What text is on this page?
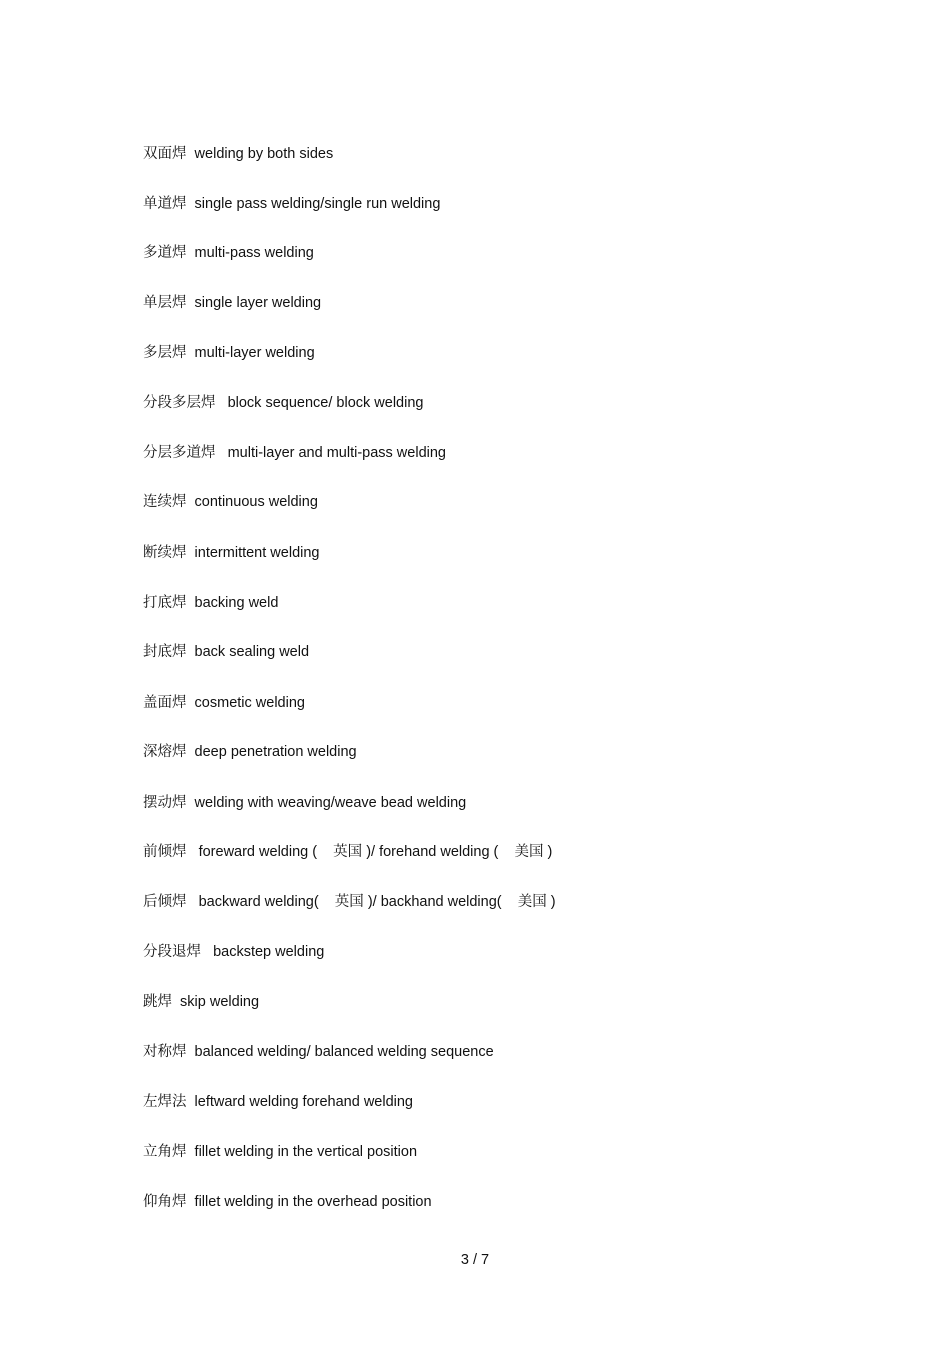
双面焊  welding by both sides
单道焊  single pass welding/single run welding
多道焊  multi-pass welding
单层焊  single layer welding
多层焊  multi-layer welding
分段多层焊   block sequence/ block welding
分层多道焊   multi-layer and multi-pass welding
连续焊  continuous welding
断续焊  intermittent welding
打底焊  backing weld
封底焊  back sealing weld
盖面焊  cosmetic welding
深熔焊  deep penetration welding
摆动焊  welding with weaving/weave bead welding
前倾焊   foreward welding (    英国 )/ forehand welding (    美国 )
后倾焊   backward welding(    英国 )/ backhand welding(    美国 )
分段退焊   backstep welding
跳焊  skip welding
对称焊  balanced welding/ balanced welding sequence
左焊法  leftward welding forehand welding
立角焊  fillet welding in the vertical position
仰角焊  fillet welding in the overhead position
3 / 7
